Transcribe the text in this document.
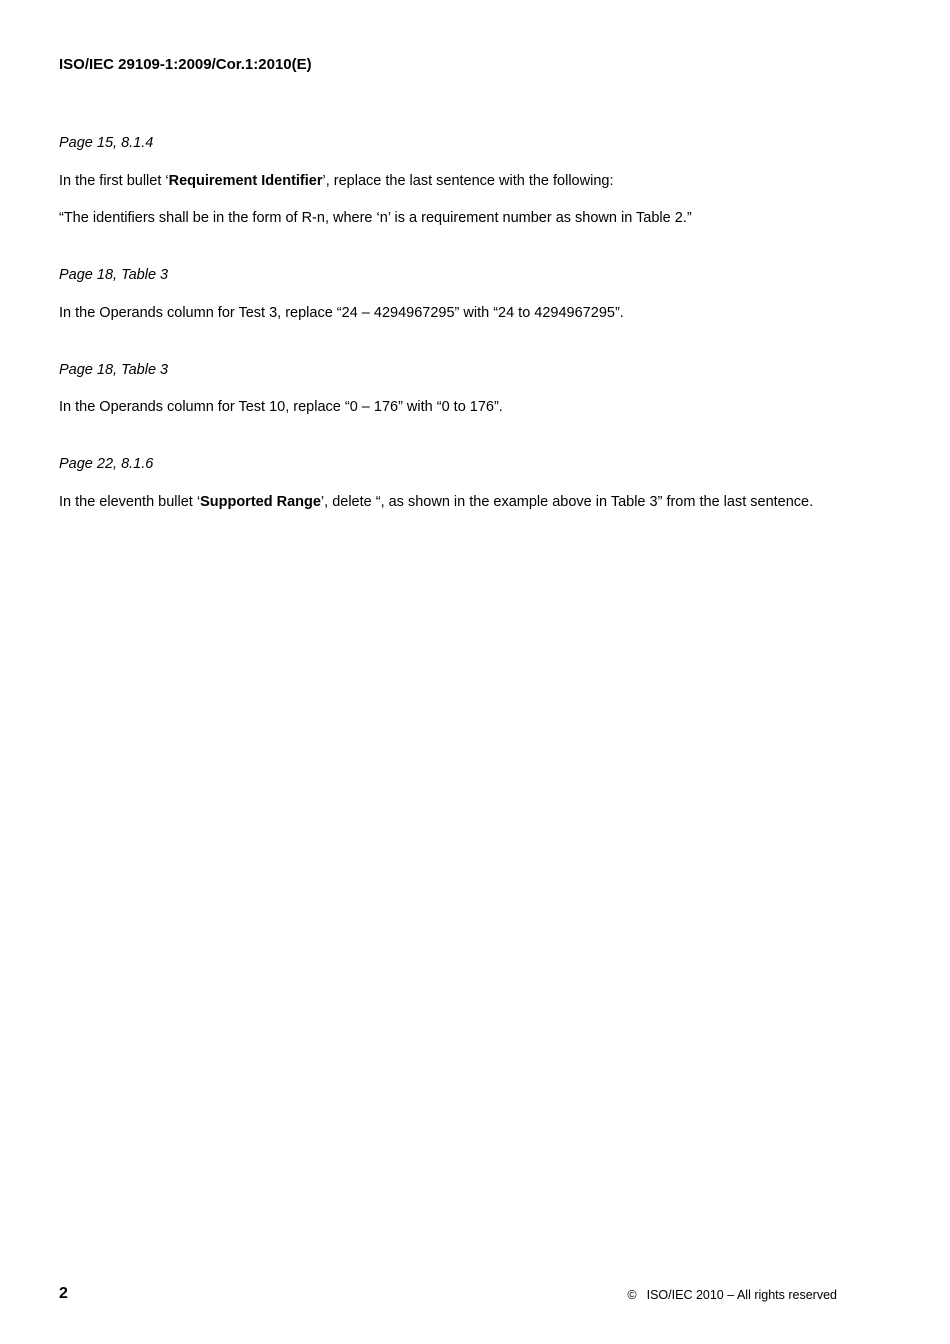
ISO/IEC 29109-1:2009/Cor.1:2010(E)

Page 15, 8.1.4

In the first bullet ‘Requirement Identifier’, replace the last sentence with the following:

“The identifiers shall be in the form of R-n, where ‘n’ is a requirement number as shown in Table 2.”

Page 18, Table 3

In the Operands column for Test 3, replace “24 – 4294967295” with “24 to 4294967295”.

Page 18, Table 3

In the Operands column for Test 10, replace “0 – 176” with “0 to 176”.

Page 22, 8.1.6

In the eleventh bullet ‘Supported Range’, delete “, as shown in the example above in Table 3” from the last sentence.

2	© ISO/IEC 2010 – All rights reserved
